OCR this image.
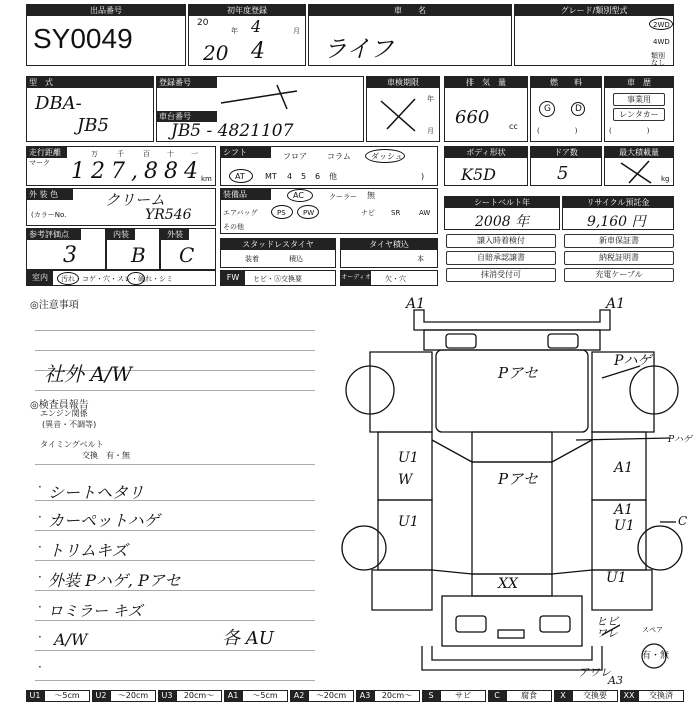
出品番号
SY0049
初年度登録
20
年 4	月
20 4
車　　名
ライフ
グレード/類別型式
2WD
4WD
類別なし
型　式
DBA-
JB5
登録番号
車台番号
JB5 - 4821107
車検期限
年
月
排　気　量
660 cc
燃　　料
G	D
(　　　　　)
車　歴
事業用
レンタカー
(　　　　　)
走行距離
マーク
万	千	百 十 一
127,884
km
シフト	フロア	コラム	ダッシュ
AT	MT 4 5 6 他	)
ボディ形状
K5D
ドア数
5
最大積載量
kg
外 装 色	クリーム
(カラーNo.	YR546
装備品	AC	クーラー 無
エアバッグ	PS PW	ナビ SR	AW
その他
シートベルト年
2008 年
リサイクル預託金
9,160 円
参考評価点
3
内装
B
外装
C	スタッドレスタイヤ
装着	積込
タイヤ積込
本
譲入時着検付
自賠承認譲書
抹消受付可
新車保証書
納税証明書
充電ケーブル
室内	汚れ・コゲ・穴・スレ・破れ・シミ	FW	ヒビ・Ⓐ交換要	オーディオ 欠・穴
◎注意事項
社外 A/W
◎検査員報告
エンジン関係
(異音・不調等)
タイミングベルト
交換　有・無
· シートヘタリ
· カーペットハゲ
· トリムキズ
· 外装 Pハゲ, Pアセ
· ロミラー キズ
· A/W	各 AU
·
A1	A1
Pアセ
Pハゲ
Pハゲ
U1
W	Pアセ
A1
U1
A1
U1	C
U1
XX
ヒビ ワレ	スペア
有・無
アワレ
A3
U1	〜5cm	U2	〜20cm	U3	20cm〜	A1	〜5cm	A2	〜20cm	A3	20cm〜	S	サビ	C	腐食	X	交換要	XX	交換済
